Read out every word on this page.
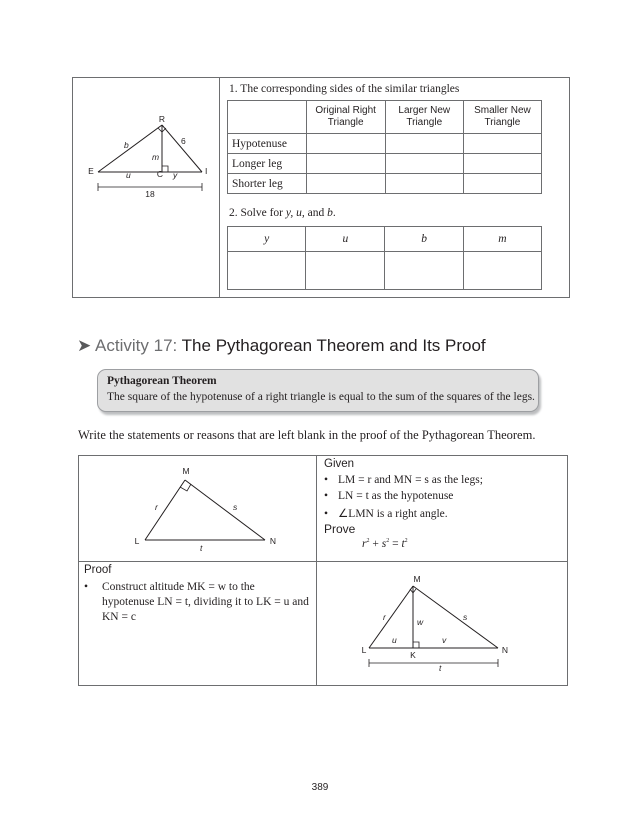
R
E	C	I
b	6
m
u	y
18
1. The corresponding sides of the similar triangles
	Original Right Triangle	Larger New Triangle	Smaller New Triangle
Hypotenuse			
Longer leg			
Shorter leg			
2. Solve for y, u, and b.
y	u	b	m

➤ Activity 17: The Pythagorean Theorem and Its Proof
Pythagorean Theorem
The square of the hypotenuse of a right triangle is equal to the sum of the squares of the legs.
Write the statements or reasons that are left blank in the proof of the Pythagorean Theorem.
M
L	N
r	s
t
Given
• LM = r and MN = s as the legs;
• LN = t as the hypotenuse
• ∠LMN is a right angle.
Prove
$r^2 + s^2 = t^2$
Proof
•	Construct altitude MK = w to the hypotenuse LN = t, dividing it to LK = u and KN = c
M
L	N
K
r	s
w
u	v
t
389
